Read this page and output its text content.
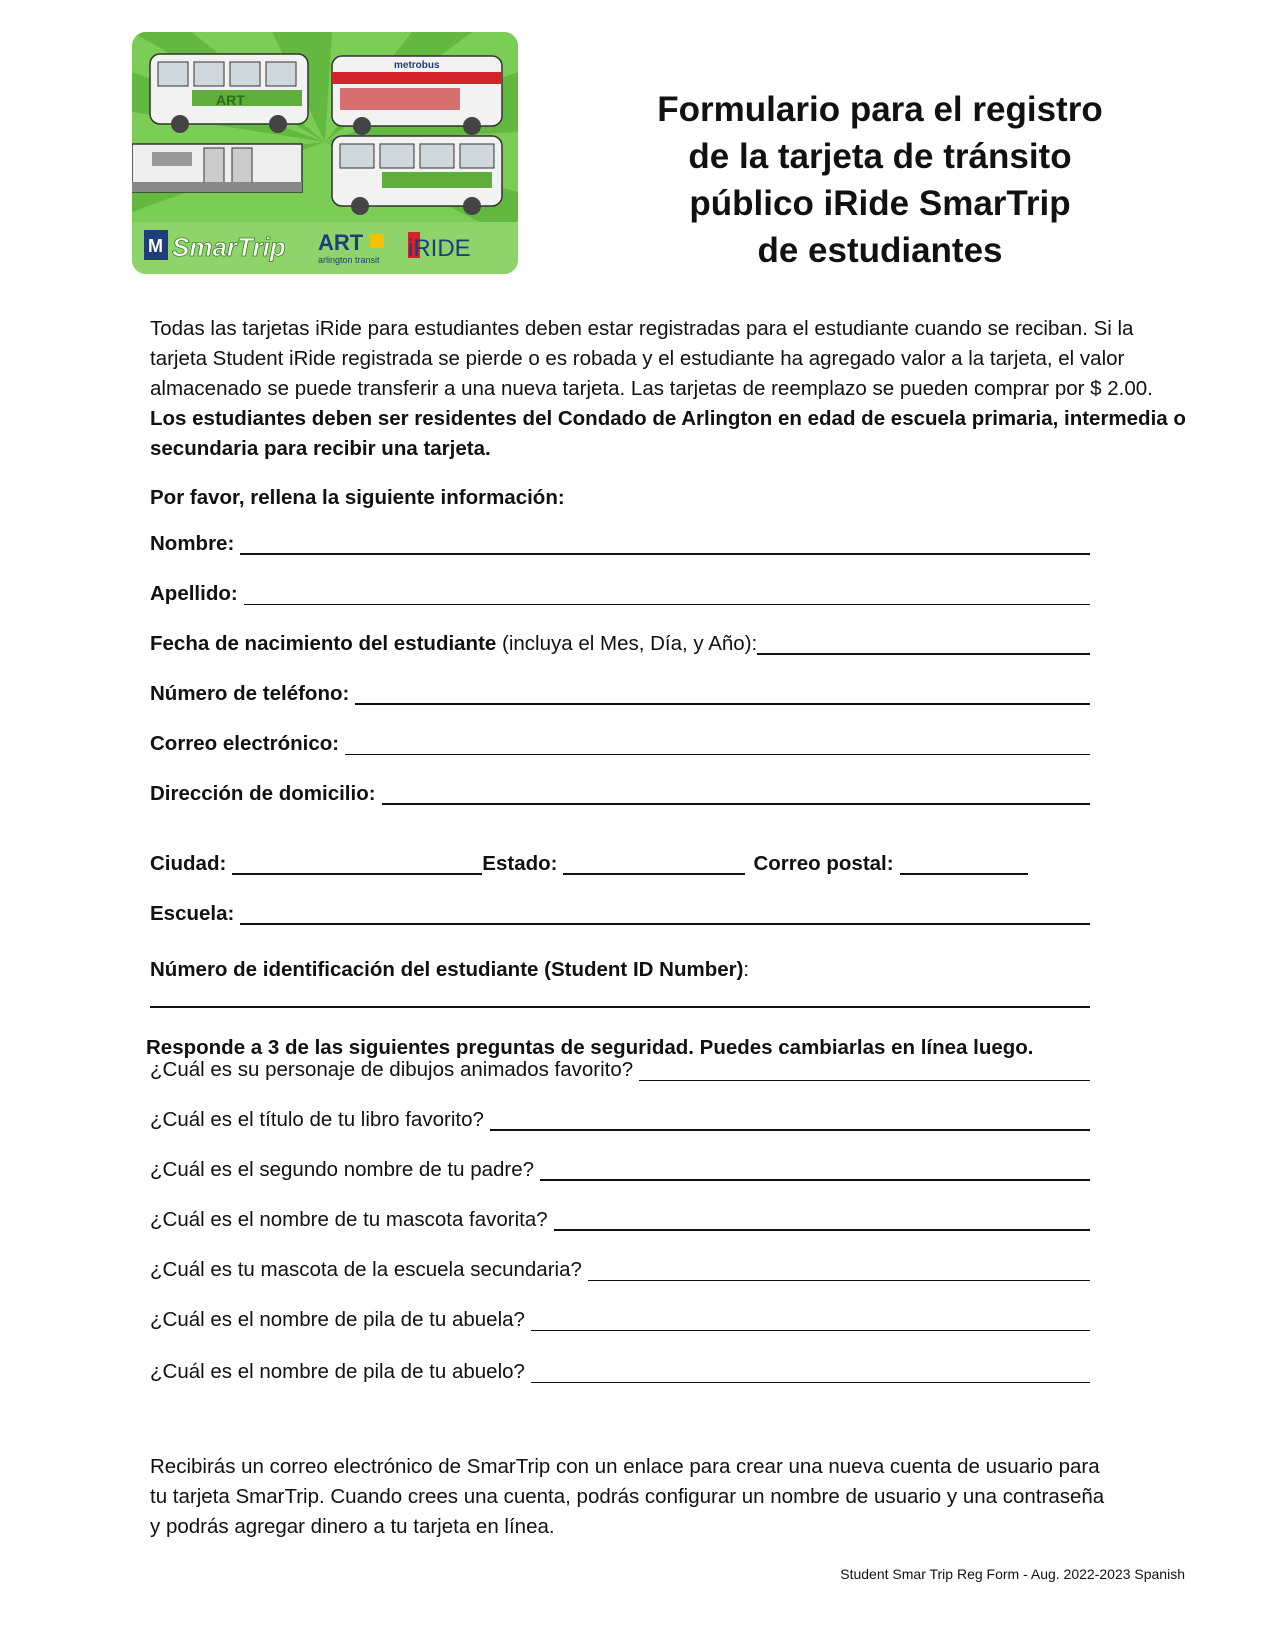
ART
metrobus
M SmarTrip ART
arlington transit iRIDE
Formulario para el registro
de la tarjeta de tránsito
público iRide SmarTrip
de estudiantes

Todas las tarjetas iRide para estudiantes deben estar registradas para el estudiante cuando se reciban. Si la tarjeta Student iRide registrada se pierde o es robada y el estudiante ha agregado valor a la tarjeta, el valor almacenado se puede transferir a una nueva tarjeta. Las tarjetas de reemplazo se pueden comprar por $ 2.00. Los estudiantes deben ser residentes del Condado de Arlington en edad de escuela primaria, intermedia o secundaria para recibir una tarjeta.

Por favor, rellena la siguiente información:
Nombre:
Apellido:
Fecha de nacimiento del estudiante (incluya el Mes, Día, y Año):
Número de teléfono:
Correo electrónico:
Dirección de domicilio:
Ciudad:	Estado:	Correo postal:
Escuela:
Número de identificación del estudiante (Student ID Number):
Responde a 3 de las siguientes preguntas de seguridad. Puedes cambiarlas en línea luego.
¿Cuál es su personaje de dibujos animados favorito?
¿Cuál es el título de tu libro favorito?
¿Cuál es el segundo nombre de tu padre?
¿Cuál es el nombre de tu mascota favorita?
¿Cuál es tu mascota de la escuela secundaria?
¿Cuál es el nombre de pila de tu abuela?
¿Cuál es el nombre de pila de tu abuelo?

Recibirás un correo electrónico de SmarTrip con un enlace para crear una nueva cuenta de usuario para tu tarjeta SmarTrip. Cuando crees una cuenta, podrás configurar un nombre de usuario y una contraseña y podrás agregar dinero a tu tarjeta en línea.

Student Smar Trip Reg Form - Aug. 2022-2023 Spanish
